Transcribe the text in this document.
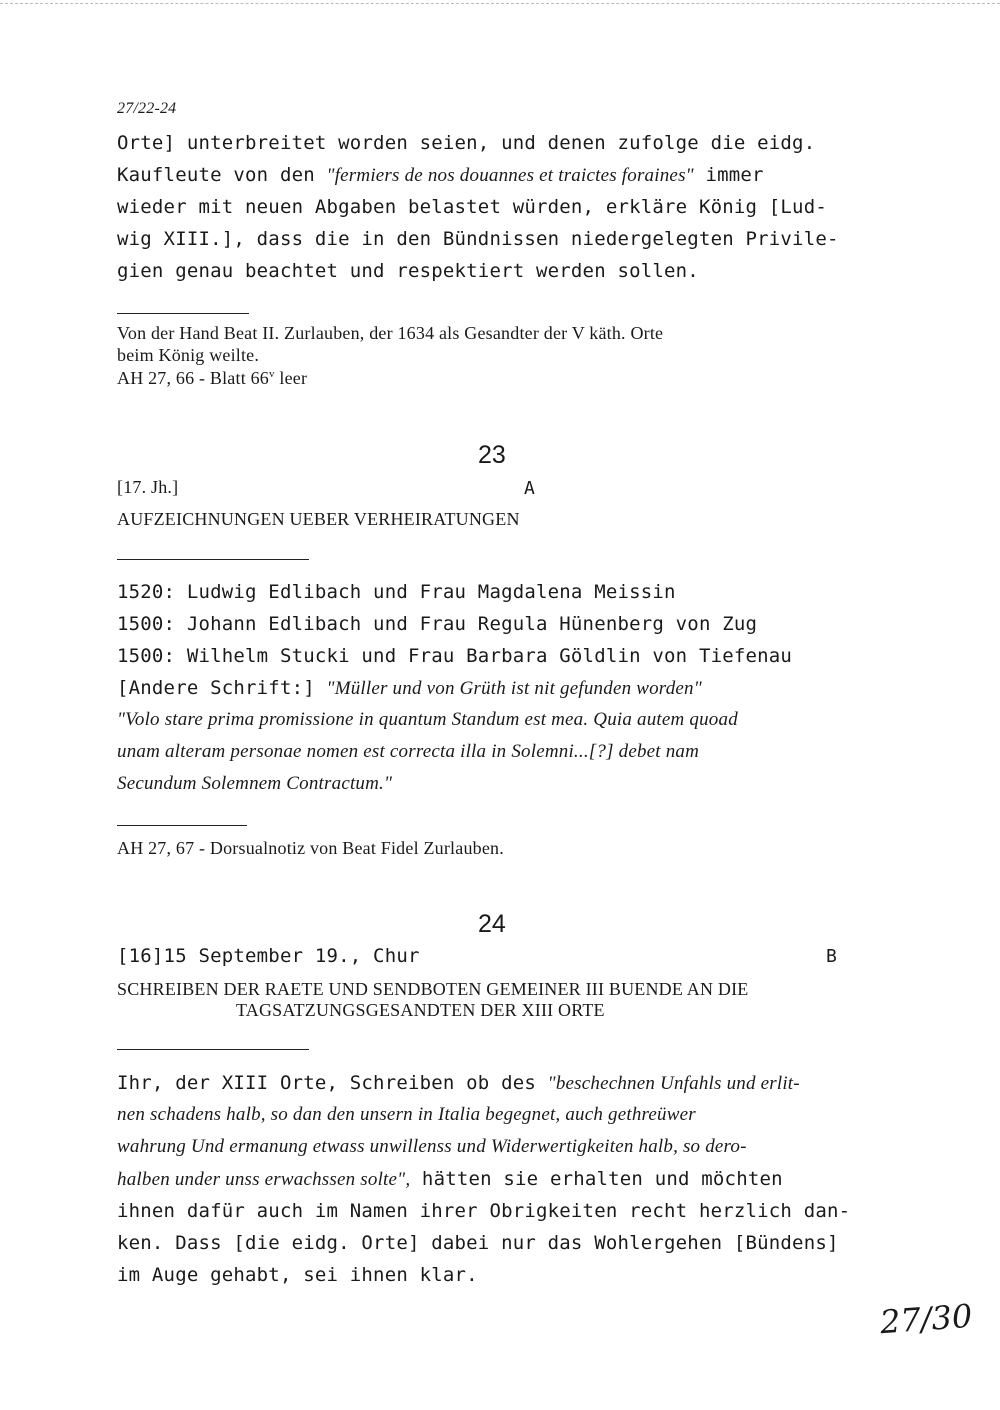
27/22-24
Orte] unterbreitet worden seien, und denen zufolge die eidg.
Kaufleute von den "fermiers de nos douannes et traictes foraines" immer
wieder mit neuen Abgaben belastet würden, erkläre König [Lud-
wig XIII.], dass die in den Bündnissen niedergelegten Privile-
gien genau beachtet und respektiert werden sollen.
Von der Hand Beat II. Zurlauben, der 1634 als Gesandter der V käth. Orte
beim König weilte.
AH 27, 66 - Blatt 66$^v$ leer
23
[17. Jh.]	A
AUFZEICHNUNGEN UEBER VERHEIRATUNGEN
1520: Ludwig Edlibach und Frau Magdalena Meissin
1500: Johann Edlibach und Frau Regula Hünenberg von Zug
1500: Wilhelm Stucki und Frau Barbara Göldlin von Tiefenau
[Andere Schrift:] "Müller und von Grüth ist nit gefunden worden"
"Volo stare prima promissione in quantum Standum est mea. Quia autem quoad
unam alteram personae nomen est correcta illa in Solemni...[?] debet nam
Secundum Solemnem Contractum."
AH 27, 67 - Dorsualnotiz von Beat Fidel Zurlauben.
24
[16]15 September 19., Chur	B
SCHREIBEN DER RAETE UND SENDBOTEN GEMEINER III BUENDE AN DIE
TAGSATZUNGSGESANDTEN DER XIII ORTE
Ihr, der XIII Orte, Schreiben ob des "beschechnen Unfahls und erlit-
nen schadens halb, so dan den unsern in Italia begegnet, auch gethreüwer
wahrung Und ermanung etwass unwillenss und Widerwertigkeiten halb, so dero-
halben under unss erwachssen solte", hätten sie erhalten und möchten
ihnen dafür auch im Namen ihrer Obrigkeiten recht herzlich dan-
ken. Dass [die eidg. Orte] dabei nur das Wohlergehen [Bündens]
im Auge gehabt, sei ihnen klar.
27/30
